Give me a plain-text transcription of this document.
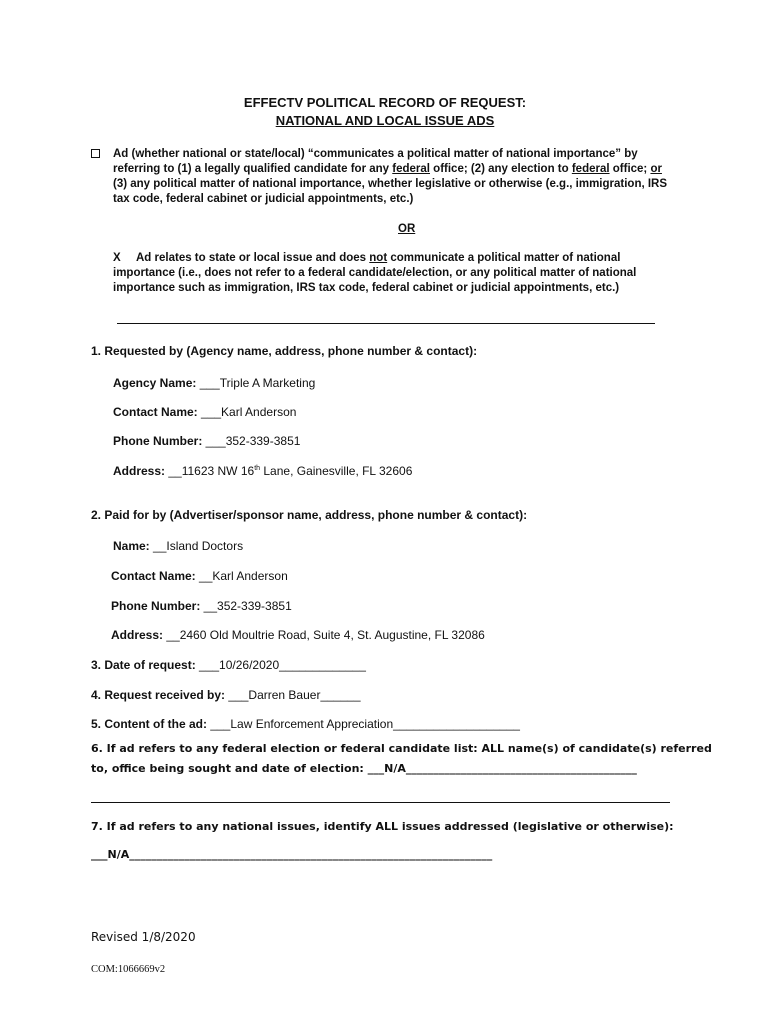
EFFECTV POLITICAL RECORD OF REQUEST:
NATIONAL AND LOCAL ISSUE ADS
Ad (whether national or state/local) “communicates a political matter of national importance” by
referring to (1) a legally qualified candidate for any federal office; (2) any election to federal office; or
(3) any political matter of national importance, whether legislative or otherwise (e.g., immigration, IRS
tax code, federal cabinet or judicial appointments, etc.)
OR
X Ad relates to state or local issue and does not communicate a political matter of national
importance (i.e., does not refer to a federal candidate/election, or any political matter of national
importance such as immigration, IRS tax code, federal cabinet or judicial appointments, etc.)
1. Requested by (Agency name, address, phone number & contact):
Agency Name: ___Triple A Marketing
Contact Name: ___Karl Anderson
Phone Number: ___352-339-3851
Address: __11623 NW 16th Lane, Gainesville, FL 32606
2. Paid for by (Advertiser/sponsor name, address, phone number & contact):
Name: __Island Doctors
Contact Name: __Karl Anderson
Phone Number: __352-339-3851
Address: __2460 Old Moultrie Road, Suite 4, St. Augustine, FL 32086
3. Date of request: ___10/26/2020_____________
4. Request received by: ___Darren Bauer______
5. Content of the ad: ___Law Enforcement Appreciation___________________
6. If ad refers to any federal election or federal candidate list: ALL name(s) of candidate(s) referred
to, office being sought and date of election: ___N/A__________________________________________
7. If ad refers to any national issues, identify ALL issues addressed (legislative or otherwise):
___N/A__________________________________________________________________
Revised 1/8/2020
COM:1066669v2
